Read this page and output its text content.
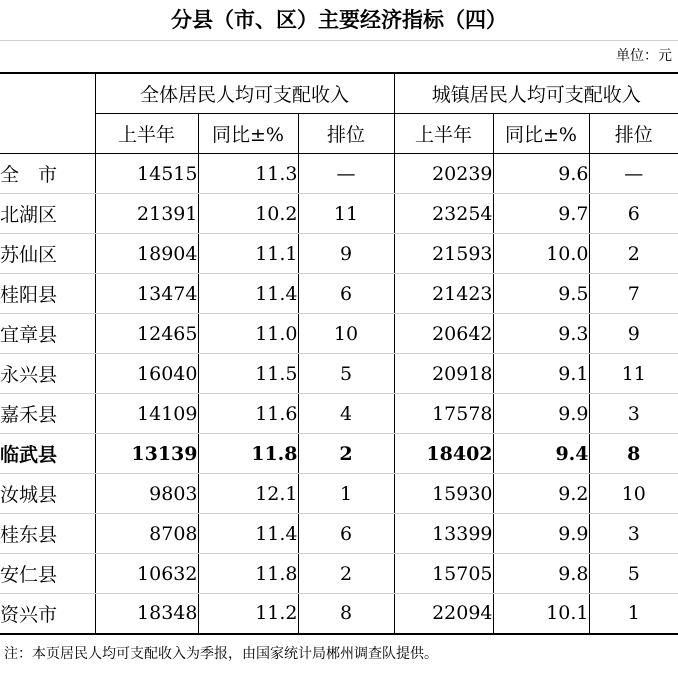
分县（市、区）主要经济指标（四）
单位：元
	全体居民人均可支配收入			城镇居民人均可支配收入		
	上半年	同比±%	排位	上半年	同比±%	排位
全　市	14515	11.3	—	20239	9.6	—
北湖区	21391	10.2	11	23254	9.7	6
苏仙区	18904	11.1	9	21593	10.0	2
桂阳县	13474	11.4	6	21423	9.5	7
宜章县	12465	11.0	10	20642	9.3	9
永兴县	16040	11.5	5	20918	9.1	11
嘉禾县	14109	11.6	4	17578	9.9	3
临武县	13139	11.8	2	18402	9.4	8
汝城县	9803	12.1	1	15930	9.2	10
桂东县	8708	11.4	6	13399	9.9	3
安仁县	10632	11.8	2	15705	9.8	5
资兴市	18348	11.2	8	22094	10.1	1
注：本页居民人均可支配收入为季报，由国家统计局郴州调查队提供。
